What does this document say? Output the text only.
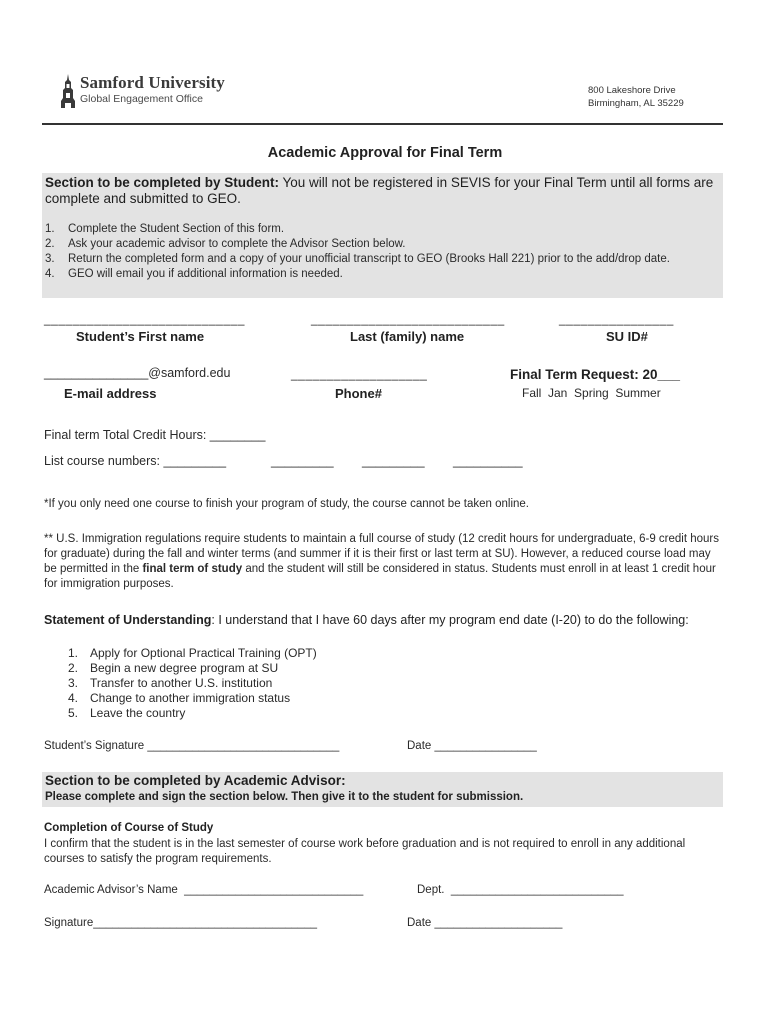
Samford University
Global Engagement Office
800 Lakeshore Drive
Birmingham, AL 35229
Academic Approval for Final Term
Section to be completed by Student: You will not be registered in SEVIS for your Final Term until all forms are complete and submitted to GEO.
1. Complete the Student Section of this form.
2. Ask your academic advisor to complete the Advisor Section below.
3. Return the completed form and a copy of your unofficial transcript to GEO (Brooks Hall 221) prior to the add/drop date.
4. GEO will email you if additional information is needed.
____________________________
Student’s First name
___________________________
Last (family) name
________________
SU ID#
_______________@samford.edu
E-mail address
___________________
Phone#
Final Term Request: 20___
Fall  Jan  Spring  Summer
Final term Total Credit Hours: ________
List course numbers: _________	_________ _________ __________
*If you only need one course to finish your program of study, the course cannot be taken online.
** U.S. Immigration regulations require students to maintain a full course of study (12 credit hours for undergraduate, 6-9 credit hours for graduate) during the fall and winter terms (and summer if it is their first or last term at SU). However, a reduced course load may be permitted in the final term of study and the student will still be considered in status. Students must enroll in at least 1 credit hour for immigration purposes.
Statement of Understanding: I understand that I have 60 days after my program end date (I-20) to do the following:
1. Apply for Optional Practical Training (OPT)
2. Begin a new degree program at SU
3. Transfer to another U.S. institution
4. Change to another immigration status
5. Leave the country
Student’s Signature ______________________________	Date ________________
Section to be completed by Academic Advisor:
Please complete and sign the section below. Then give it to the student for submission.
Completion of Course of Study
I confirm that the student is in the last semester of course work before graduation and is not required to enroll in any additional courses to satisfy the program requirements.
Academic Advisor’s Name  ____________________________	Dept.  ___________________________
Signature___________________________________	Date ____________________
